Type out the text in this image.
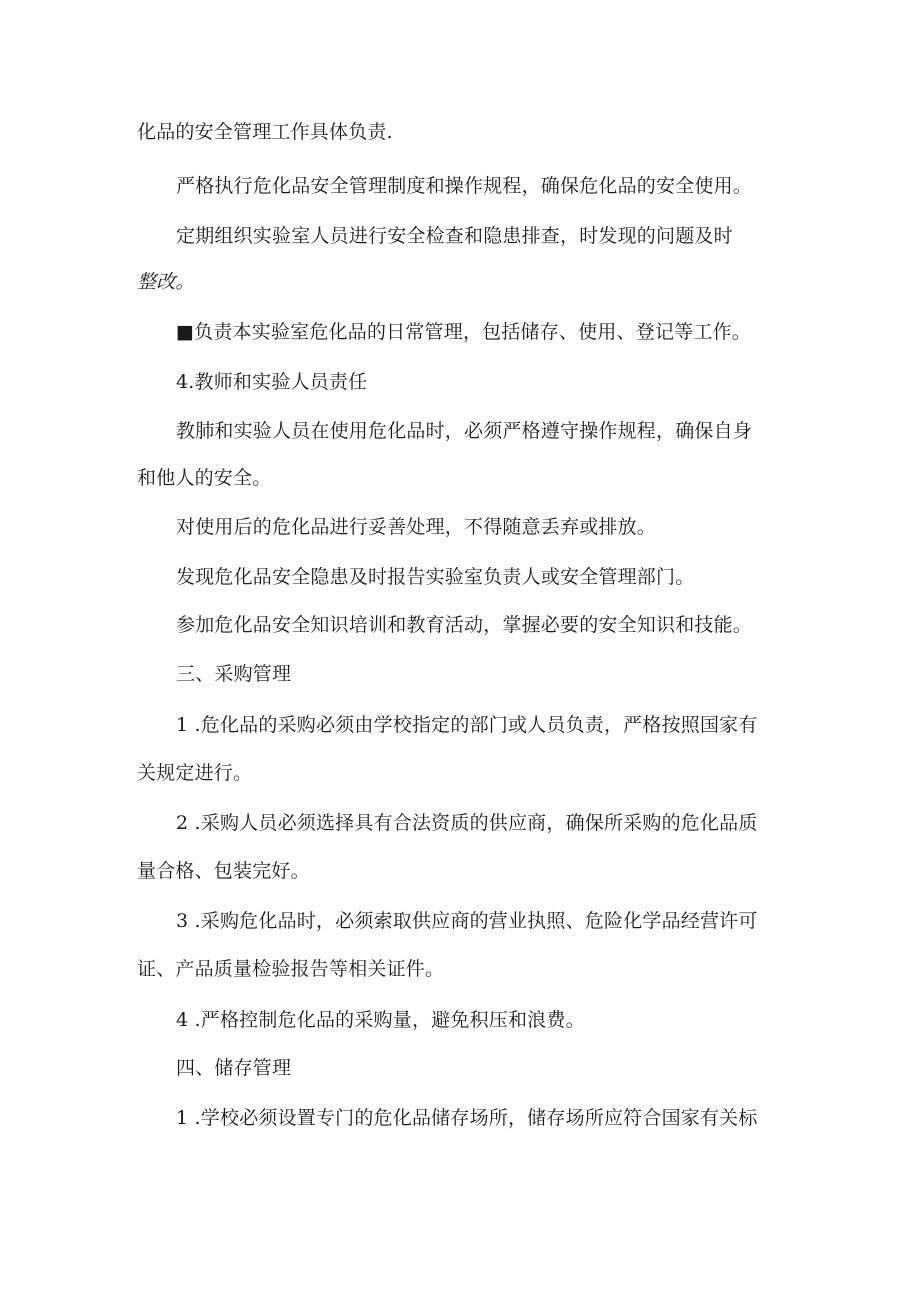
化品的安全管理工作具体负责.

严格执行危化品安全管理制度和操作规程，确保危化品的安全使用。

定期组织实验室人员进行安全检查和隐患排查，时发现的问题及时

整改。

■负责本实验室危化品的日常管理，包括储存、使用、登记等工作。

4.教师和实验人员责任

教肺和实验人员在使用危化品时，必须严格遵守操作规程，确保自身

和他人的安全。

对使用后的危化品进行妥善处理，不得随意丢弃或排放。

发现危化品安全隐患及时报告实验室负责人或安全管理部门。

参加危化品安全知识培训和教育活动，掌握必要的安全知识和技能。

三、采购管理

1 .危化品的采购必须由学校指定的部门或人员负责，严格按照国家有

关规定进行。

2 .采购人员必须选择具有合法资质的供应商，确保所采购的危化品质

量合格、包装完好。

3 .采购危化品时，必须索取供应商的营业执照、危险化学品经营许可

证、产品质量检验报告等相关证件。

4 .严格控制危化品的采购量，避免积压和浪费。

四、储存管理

1 .学校必须设置专门的危化品储存场所，储存场所应符合国家有关标
